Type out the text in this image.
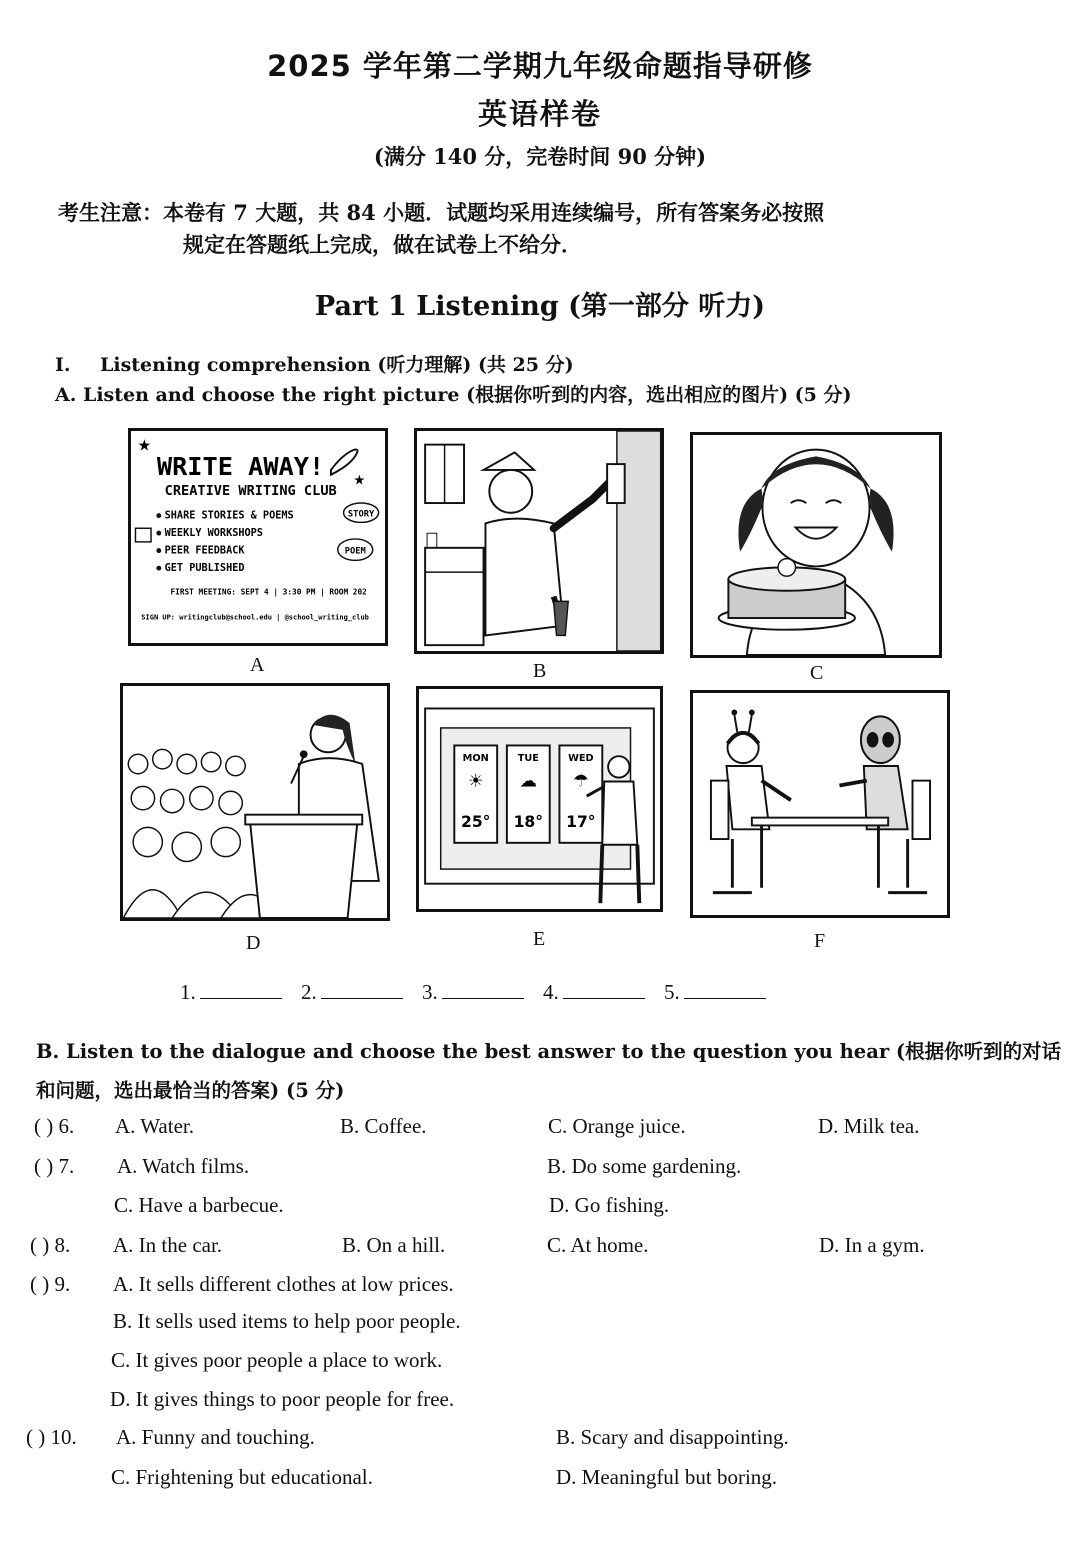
2025 学年第二学期九年级命题指导研修
英语样卷
(满分 140 分，完卷时间 90 分钟)
考生注意：本卷有 7 大题，共 84 小题．试题均采用连续编号，所有答案务必按照
规定在答题纸上完成，做在试卷上不给分．
Part 1 Listening (第一部分 听力)
I. Listening comprehension (听力理解) (共 25 分)
A. Listen and choose the right picture (根据你听到的内容，选出相应的图片) (5 分)
★
WRITE AWAY! ★
CREATIVE WRITING CLUB
SHARE STORIES & POEMS
WEEKLY WORKSHOPS
PEER FEEDBACK
GET PUBLISHED
STORY
POEM
FIRST MEETING: SEPT 4 | 3:30 PM | ROOM 202
SIGN UP: writingclub@school.edu | @school_writing_club
A	B	C
D
MON
☀
25°
TUE
☁
18°
WED
☂
17°
E	F
1.	2.	3.	4.	5.
B. Listen to the dialogue and choose the best answer to the question you hear (根据你听到的对话
和问题，选出最恰当的答案) (5 分)
( ) 6. A. Water.	B. Coffee.	C. Orange juice.	D. Milk tea.
( ) 7. A. Watch films.	B. Do some gardening.
C. Have a barbecue.	D. Go fishing.
( ) 8. A. In the car.	B. On a hill.	C. At home.	D. In a gym.
( ) 9. A. It sells different clothes at low prices.
B. It sells used items to help poor people.
C. It gives poor people a place to work.
D. It gives things to poor people for free.
( ) 10. A. Funny and touching.	B. Scary and disappointing.
C. Frightening but educational.	D. Meaningful but boring.
